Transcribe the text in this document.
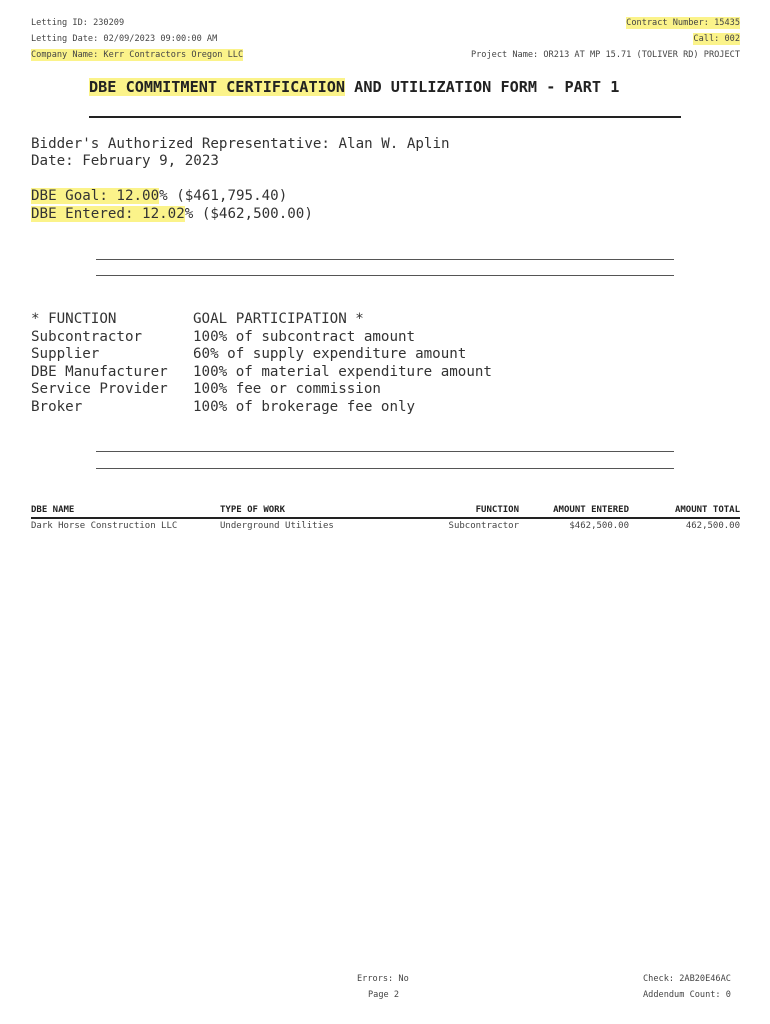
Letting ID: 230209
Letting Date: 02/09/2023 09:00:00 AM
Company Name: Kerr Contractors Oregon LLC
Contract Number: 15435
Call: 002
Project Name: OR213 AT MP 15.71 (TOLIVER RD) PROJECT
DBE COMMITMENT CERTIFICATION AND UTILIZATION FORM - PART 1
Bidder's Authorized Representative: Alan W. Aplin
Date: February 9, 2023
DBE Goal: 12.00% ($461,795.40)
DBE Entered: 12.02% ($462,500.00)
* FUNCTION	GOAL PARTICIPATION *
Subcontractor	100% of subcontract amount
Supplier	60% of supply expenditure amount
DBE Manufacturer	100% of material expenditure amount
Service Provider	100% fee or commission
Broker	100% of brokerage fee only
DBE NAME	TYPE OF WORK	FUNCTION	AMOUNT ENTERED	AMOUNT TOTAL
Dark Horse Construction LLC	Underground Utilities	Subcontractor	$462,500.00	462,500.00
Errors: No
Page 2
Check: 2AB20E46AC
Addendum Count: 0
